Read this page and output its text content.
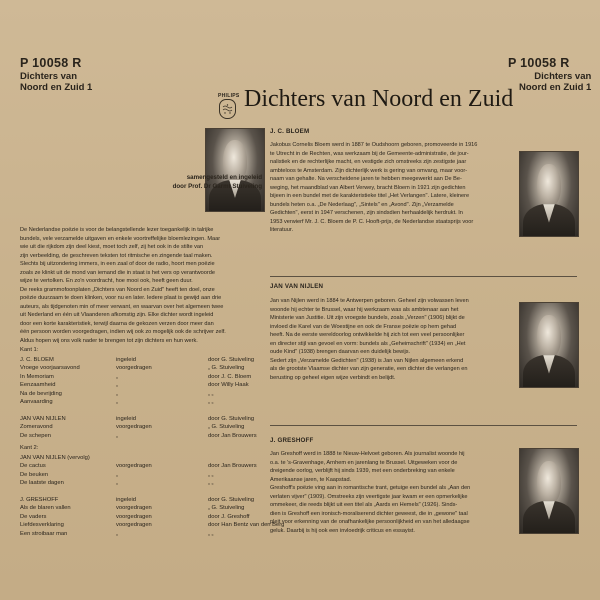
P 10058 R
Dichters van
Noord en Zuid 1
P 10058 R
Dichters van
Noord en Zuid 1
PHILIPS Dichters van Noord en Zuid
samengesteld en ingeleid
door Prof. Dr Garmt Stuiveling
De Nederlandse poëzie is voor de belangstellende lezer toegankelijk in talrijke
bundels, vele verzamelde uitgaven en enkele voortreffelijke bloemlezingen. Maar
wie uit die rijkdom zijn deel kiest, moet toch zelf, zij het ook in de stilte van
zijn verbeelding, de geschreven teksten tot ritmische en zingende taal maken.
Slechts bij uitzondering immers, in een zaal of door de radio, hoort men poëzie
zoals ze klinkt uit de mond van iemand die in staat is het vers op verantwoorde
wijze te vertolken. En zo'n voordracht, hoe mooi ook, heeft geen duur.
De reeks grammofoonplaten „Dichters van Noord en Zuid" heeft ten doel, onze
poëzie duurzaam te doen klinken, voor nu en later. Iedere plaat is gewijd aan drie
auteurs, als tijdgenoten min of meer verwant, en waarvan over het algemeen twee
uit Nederland en één uit Vlaanderen afkomstig zijn. Elke dichter wordt ingeleid
door een korte karakteristiek, terwijl daarna de gekozen verzen door meer dan
één persoon worden voorgedragen, indien wij ook zo mogelijk ook de schrijver zelf.
Aldus hopen wij ons volk nader te brengen tot zijn dichters en hun werk.
Kant 1:
J. C. BLOEM	ingeleid	door G. Stuiveling
Vroege voorjaarsavond	voorgedragen	„ G. Stuiveling
In Memoriam	„	door J. C. Bloem
Eenzaamheid	„	door Willy Haak
Na de bevrijding	„	„ „
Aanvaarding	„	„ „

JAN VAN NIJLEN	ingeleid	door G. Stuiveling
Zomeravond	voorgedragen	„ G. Stuiveling
De schepen	„	door Jan Brouwers
Kant 2:
JAN VAN NIJLEN (vervolg)		
De cactus	voorgedragen	door Jan Brouwers
De beuken	„	„ „
De laatste dagen	„	„ „

J. GRESHOFF	ingeleid	door G. Stuiveling
Als de blaren vallen	voorgedragen	„ G. Stuiveling
De vaders	voorgedragen	door J. Greshoff
Liefdesverklaring	voorgedragen	door Han Bentz van den Berg
Een stroibaar man	„	„ „
J. C. BLOEM
Jakobus Cornelis Bloem werd in 1887 te Oudshoorn geboren, promoveerde in 1916
te Utrecht in de Rechten, was werkzaam bij de Gemeente-administratie, de jour-
nalistiek en de rechterlijke macht, en vestigde zich omstreeks zijn zestigste jaar
ambteloos te Amsterdam. Zijn dichterlijk werk is gering van omvang, maar voor-
naam van gehalte. Na verscheidene jaren te hebben meegewerkt aan De Be-
weging, het maandblad van Albert Verwey, bracht Bloem in 1921 zijn gedichten
bijeen in een bundel met de karakteristieke titel „Het Verlangen". Latere, kleinere
bundels heten o.a. „De Nederlaag", „Sintels" en „Avond". Zijn „Verzamelde
Gedichten", eerst in 1947 verschenen, zijn sindsdien herhaaldelijk herdrukt. In
1953 verwierf Mr. J. C. Bloem de P. C. Hooft-prijs, de Nederlandse staatsprijs voor
literatuur.
JAN VAN NIJLEN
Jan van Nijlen werd in 1884 te Antwerpen geboren. Geheel zijn volwassen leven
woonde hij echter te Brussel, waar hij werkzaam was als ambtenaar aan het
Ministerie van Justitie. Uit zijn vroegste bundels, zoals „Verzen" (1906) blijkt de
invloed die Karel van de Woestijne en ook de Franse poëzie op hem gehad
heeft. Na de eerste wereldoorlog ontwikkelde hij zich tot een veel persoonlijker
en directer stijl van gevoel en vorm: bundels als „Geheimschrift" (1934) en „Het
oude Kind" (1938) brengen daarvan een duidelijk bewijs.
Sedert zijn „Verzamelde Gedichten" (1938) is Jan van Nijlen algemeen erkend
als de grootste Vlaamse dichter van zijn generatie, een dichter die verlangen en
berusting op geheel eigen wijze verbindt en belijdt.
J. GRESHOFF
Jan Greshoff werd in 1888 te Nieuw-Helvoet geboren. Als journalist woonde hij
o.a. te 's-Gravenhage, Arnhem en jarenlang te Brussel. Uitgeweken voor de
dreigende oorlog, verblijft hij sinds 1939, met een onderbreking van enkele
Amerikaanse jaren, te Kaapstad.
Greshoff's poëzie ving aan in romantische trant, getuige een bundel als „Aan den
verlaten vijver" (1909). Omstreeks zijn veertigste jaar kwam er een opmerkelijke
ommekeer, die reeds blijkt uit een titel als „Aards en Hemels" (1926). Sinds-
dien is Greshoff een ironisch-moraliserend dichter geweest, die in „gewone" taal
pleit voor erkenning van de onafhankelijke persoonlijkheid en van het alledaagse
geluk. Daarbij is hij ook een invloedrijk criticus en essayist.
